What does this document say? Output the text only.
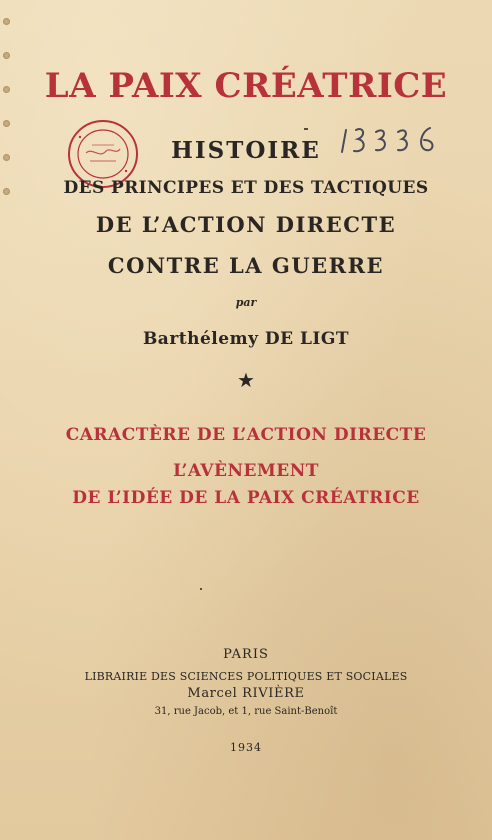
LA PAIX CRÉATRICE
HISTOIRE
DES PRINCIPES ET DES TACTIQUES
DE L’ACTION DIRECTE
CONTRE LA GUERRE
par
Barthélemy DE LIGT
★
CARACTÈRE DE L’ACTION DIRECTE
L’AVÈNEMENT
DE L’IDÉE DE LA PAIX CRÉATRICE
PARIS
LIBRAIRIE DES SCIENCES POLITIQUES ET SOCIALES
Marcel RIVIÈRE
31, rue Jacob, et 1, rue Saint-Benoît
1934
